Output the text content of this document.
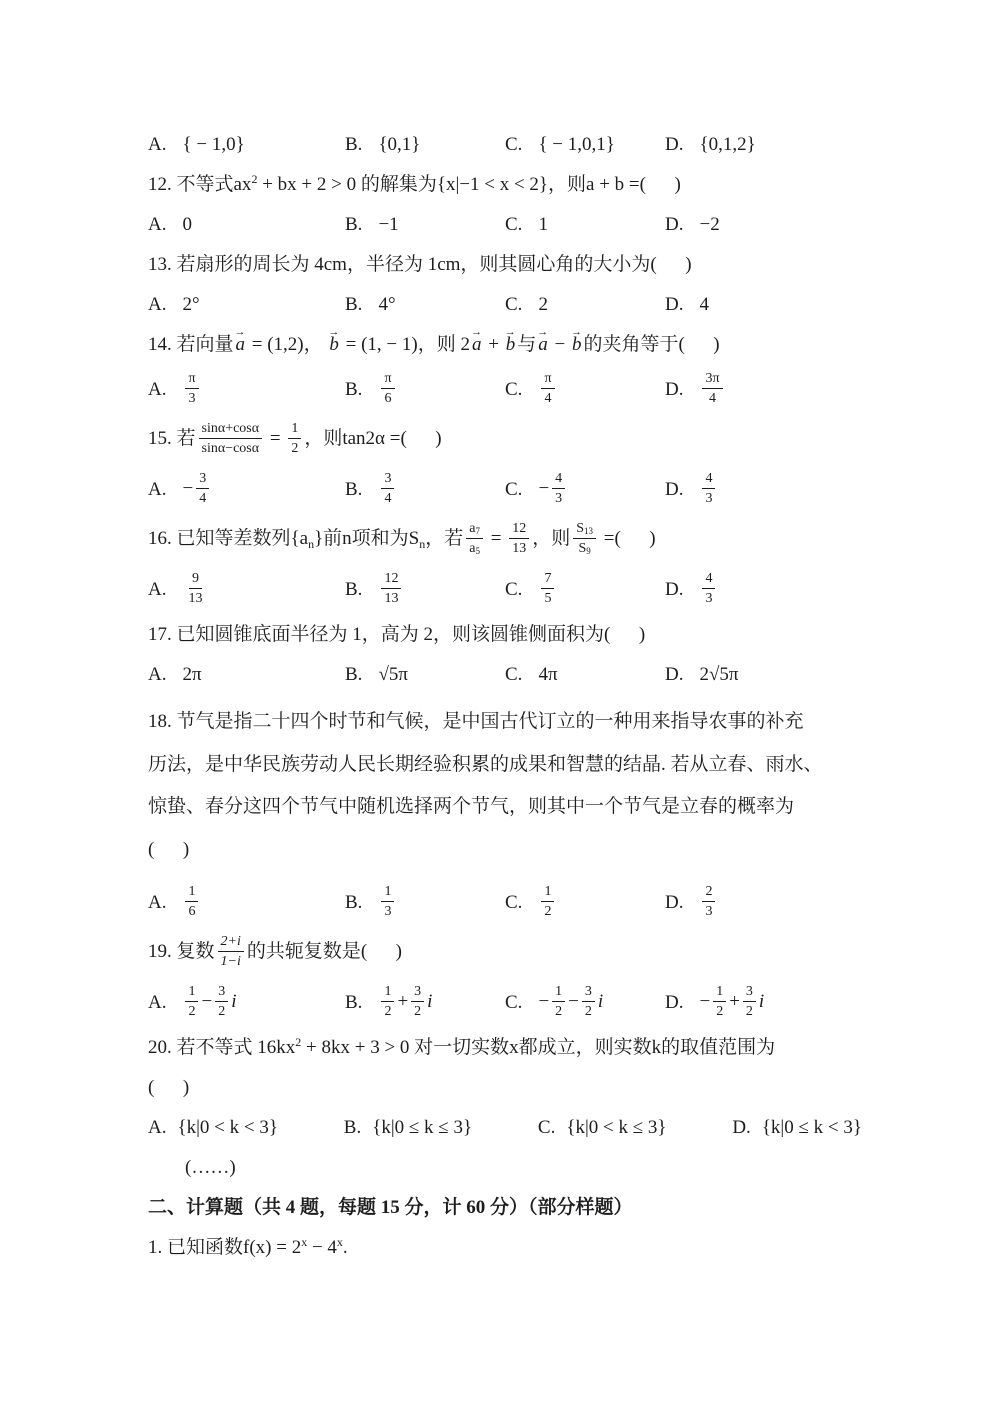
A. { − 1,0}	B. {0,1}	C. { − 1,0,1}	D. {0,1,2}
12. 不等式$ax^2$ + bx + 2 > 0 的解集为{x|−1 < x < 2}，则a + b =(      )
A. 0	B. −1	C. 1	D. −2
13. 若扇形的周长为 4cm，半径为 1cm，则其圆心角的大小为(      )
A. 2°	B. 4°	C. 2	D. 4
14. 若向量 a → = (1,2)， b → = (1, − 1)，则 2 a → + b → 与 a → − b → 的夹角等于(      )
A. $\frac{\pi}{3}$	B. $\frac{\pi}{6}$	C. $\frac{\pi}{4}$	D. $\frac{3\pi}{4}$
15. 若 $\frac{\sin\alpha+\cos\alpha}{\sin\alpha-\cos\alpha} = \frac{1}{2}$ ，则tan2α =(      )
A. − $\frac{3}{4}$	B. $\frac{3}{4}$	C. − $\frac{4}{3}$	D. $\frac{4}{3}$
16. 已知等差数列$\{a_n\}$前n项和为$S_n$，若 $\frac{a_7}{a_5} = \frac{12}{13}$ ，则 $\frac{S_{13}}{S_9}$ =(      )
A. $\frac{9}{13}$	B. $\frac{12}{13}$	C. $\frac{7}{5}$	D. $\frac{4}{3}$
17. 已知圆锥底面半径为 1，高为 2，则该圆锥侧面积为(      )
A. 2π	B. √5π	C. 4π	D. 2√5π
18. 节气是指二十四个时节和气候，是中国古代订立的一种用来指导农事的补充
历法，是中华民族劳动人民长期经验积累的成果和智慧的结晶. 若从立春、雨水、
惊蛰、春分这四个节气中随机选择两个节气，则其中一个节气是立春的概率为
(      )
A. $\frac{1}{6}$	B. $\frac{1}{3}$	C. $\frac{1}{2}$	D. $\frac{2}{3}$
19. 复数 $\frac{2+i}{1-i}$ 的共轭复数是(      )
A. $\frac{1}{2} - \frac{3}{2}$ i	B. $\frac{1}{2} + \frac{3}{2}$ i	C. − $\frac{1}{2} - \frac{3}{2}$ i	D. − $\frac{1}{2} + \frac{3}{2}$ i
20. 若不等式 $16kx^2 + 8kx + 3 > 0$ 对一切实数x都成立，则实数k的取值范围为
(      )
A. {k|0 < k < 3}	B. {k|0 ≤ k ≤ 3}	C. {k|0 < k ≤ 3}	D. {k|0 ≤ k < 3}
(……)
二、计算题（共 4 题，每题 15 分，计 60 分）（部分样题）
1. 已知函数$f(x) = 2^x - 4^x$.
